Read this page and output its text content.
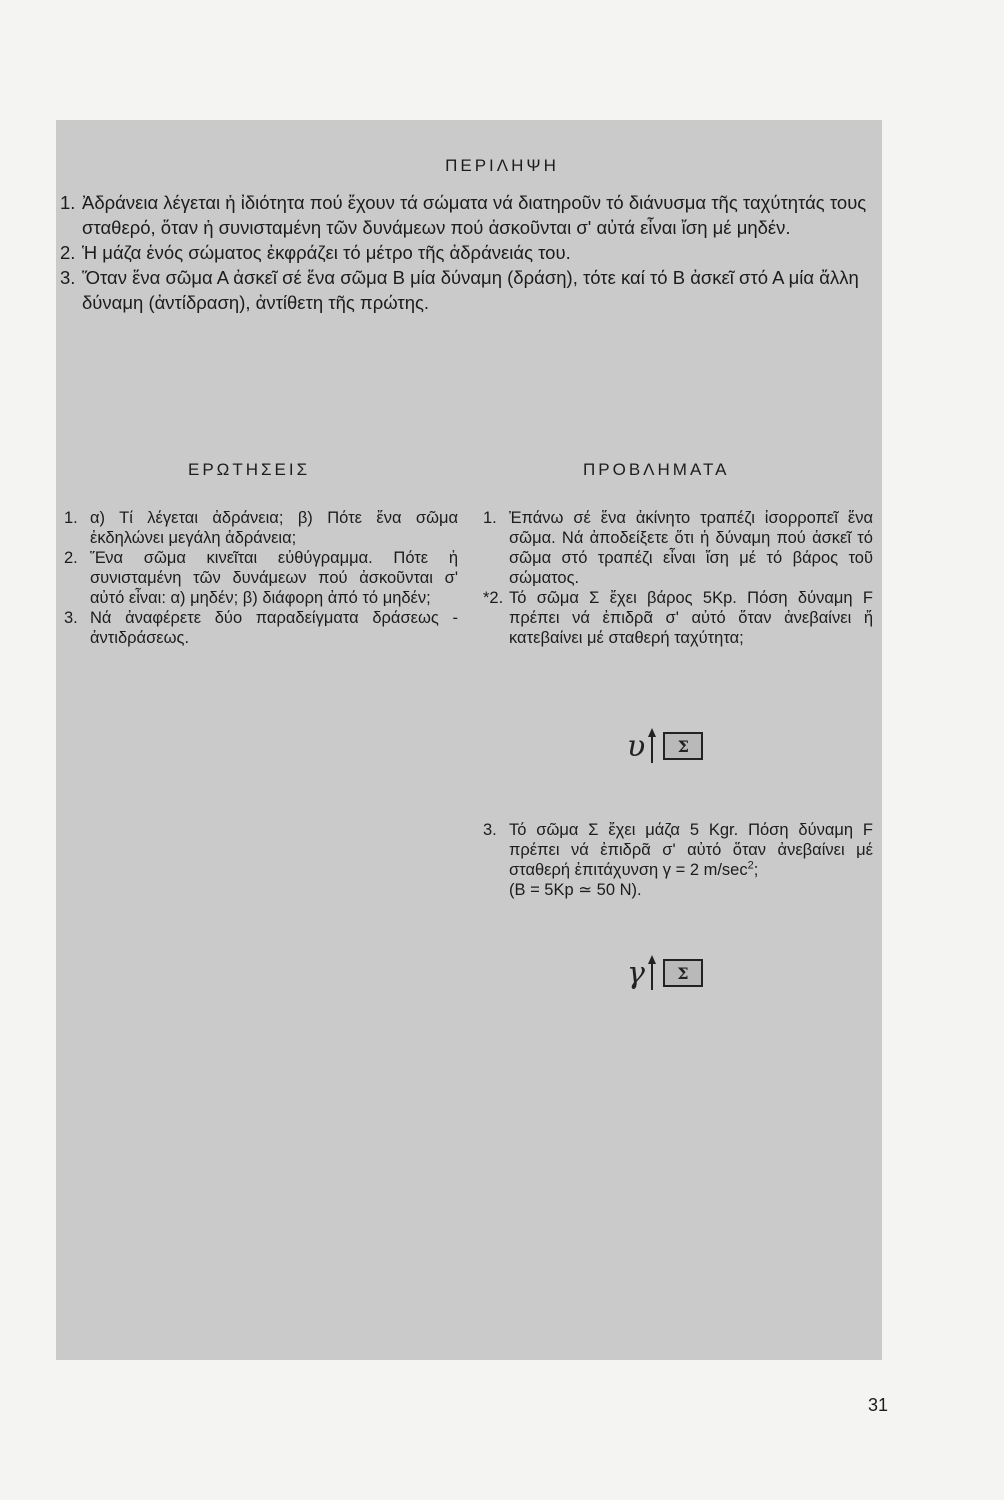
ΠΕΡΙΛΗΨΗ
1. Ἀδράνεια λέγεται ἡ ἰδιότητα πού ἔχουν τά σώματα νά διατηροῦν τό διάνυσμα τῆς ταχύτητάς τους σταθερό, ὅταν ἡ συνισταμένη τῶν δυνάμεων πού ἀσκοῦνται σ' αὐτά εἶναι ἴση μέ μηδέν.
2. Ἡ μάζα ἑνός σώματος ἐκφράζει τό μέτρο τῆς ἀδράνειάς του.
3. Ὅταν ἕνα σῶμα Α ἀσκεῖ σέ ἕνα σῶμα Β μία δύναμη (δράση), τότε καί τό Β ἀσκεῖ στό Α μία ἄλλη δύναμη (ἀντίδραση), ἀντίθετη τῆς πρώτης.
ΕΡΩΤΗΣΕΙΣ	ΠΡΟΒΛΗΜΑΤΑ
1. α) Τί λέγεται ἀδράνεια; β) Πότε ἕνα σῶμα ἐκδηλώνει μεγάλη ἀδράνεια;
2. Ἕνα σῶμα κινεῖται εὐθύγραμμα. Πότε ἡ συνισταμένη τῶν δυνάμεων πού ἀσκοῦνται σ' αὐτό εἶναι: α) μηδέν; β) διάφορη ἀπό τό μηδέν;
3. Νά ἀναφέρετε δύο παραδείγματα δράσεως - ἀντιδράσεως.
1. Ἐπάνω σέ ἕνα ἀκίνητο τραπέζι ἰσορροπεῖ ἕνα σῶμα. Νά ἀποδείξετε ὅτι ἡ δύναμη πού ἀσκεῖ τό σῶμα στό τραπέζι εἶναι ἴση μέ τό βάρος τοῦ σώματος.
*2. Τό σῶμα Σ ἔχει βάρος 5Kp. Πόση δύναμη F πρέπει νά ἐπιδρᾶ σ' αὐτό ὅταν ἀνεβαίνει ἤ κατεβαίνει μέ σταθερή ταχύτητα;
υ Σ
3. Τό σῶμα Σ ἔχει μάζα 5 Kgr. Πόση δύναμη F πρέπει νά ἐπιδρᾶ σ' αὐτό ὅταν ἀνεβαίνει μέ σταθερή ἐπιτάχυνση γ = 2 $m/\sec^2$;
(Β = 5Kp ≃ 50 N).
γ Σ
31
